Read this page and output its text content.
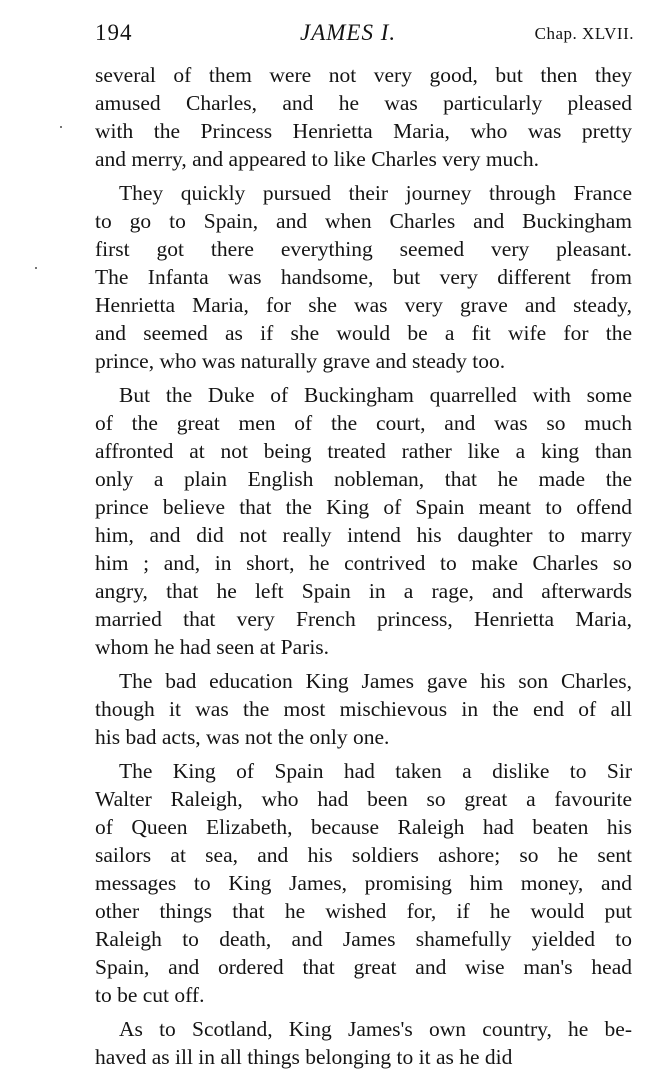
194	JAMES I.	Chap. XLVII.
several of them were not very good, but then they
amused Charles, and he was particularly pleased
with the Princess Henrietta Maria, who was pretty
and merry, and appeared to like Charles very much.
They quickly pursued their journey through France
to go to Spain, and when Charles and Buckingham
first got there everything seemed very pleasant.
The Infanta was handsome, but very different from
Henrietta Maria, for she was very grave and steady,
and seemed as if she would be a fit wife for the
prince, who was naturally grave and steady too.
But the Duke of Buckingham quarrelled with some
of the great men of the court, and was so much
affronted at not being treated rather like a king than
only a plain English nobleman, that he made the
prince believe that the King of Spain meant to offend
him, and did not really intend his daughter to marry
him ; and, in short, he contrived to make Charles so
angry, that he left Spain in a rage, and afterwards
married that very French princess, Henrietta Maria,
whom he had seen at Paris.
The bad education King James gave his son Charles,
though it was the most mischievous in the end of all
his bad acts, was not the only one.
The King of Spain had taken a dislike to Sir
Walter Raleigh, who had been so great a favourite
of Queen Elizabeth, because Raleigh had beaten his
sailors at sea, and his soldiers ashore; so he sent
messages to King James, promising him money, and
other things that he wished for, if he would put
Raleigh to death, and James shamefully yielded to
Spain, and ordered that great and wise man's head
to be cut off.
As to Scotland, King James's own country, he be-
haved as ill in all things belonging to it as he did
